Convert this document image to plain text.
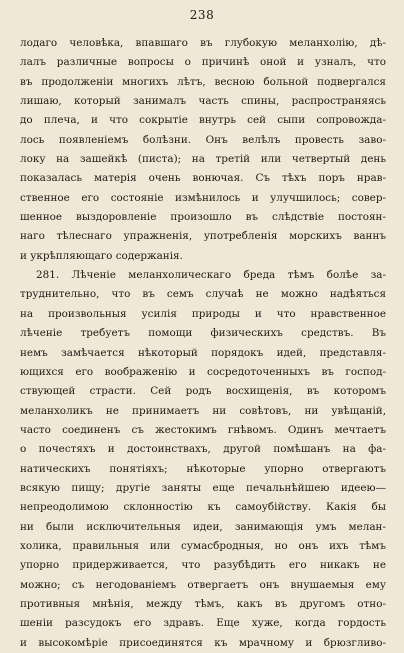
238
лодаго человѣка, впавшаго въ глубокую меланхолію, дѣ-
лалъ различные вопросы о причинѣ оной и узналъ, что
въ продолженіи многихъ лѣтъ, весною больной подвергался
лишаю, который занималъ часть спины, распространяясь
до плеча, и что сокрытіе внутрь сей сыпи сопровожда-
лось появленіемъ болѣзни. Онъ велѣлъ провесть заво-
локу на зашейкѣ (писта); на третій или четвертый день
показалась матерія очень вонючая. Съ тѣхъ поръ нрав-
ственное его состояніе измѣнилось и улучшилось; совер-
шенное выздоровленіе произошло въ слѣдствіе постоян-
наго тѣлеснаго упражненія, употребленія морскихъ ваннъ
и укрѣпляющаго содержанія.
281. Лѣченіе меланхолическаго бреда тѣмъ болѣе за-
труднительно, что въ семъ случаѣ не можно надѣяться
на произвольныя усилія природы и что нравственное
лѣченіе требуетъ помощи физическихъ средствъ. Въ
немъ замѣчается нѣкоторый порядокъ идей, представля-
ющихся его воображенію и сосредоточенныхъ въ господ-
ствующей страсти. Сей родъ восхищенія, въ которомъ
меланхоликъ не принимаетъ ни совѣтовъ, ни увѣщаній,
часто соединенъ съ жестокимъ гнѣвомъ. Одинъ мечтаетъ
о почестяхъ и достоинствахъ, другой помѣшанъ на фа-
натическихъ понятіяхъ; нѣкоторые упорно отвергаютъ
всякую пищу; другіе заняты еще печальнѣйшею идеею—
непреодолимою склонностію къ самоубійству. Какія бы
ни были исключительныя идеи, занимающія умъ мелан-
холика, правильныя или сумасбродныя, но онъ ихъ тѣмъ
упорно придерживается, что разубѣдить его никакъ не
можно; съ негодованіемъ отвергаетъ онъ внушаемыя ему
противныя мнѣнія, между тѣмъ, какъ въ другомъ отно-
шеніи разсудокъ его здравъ. Еще хуже, когда гордость
и высокомѣріе присоединятся къ мрачному и брюзгливо-
